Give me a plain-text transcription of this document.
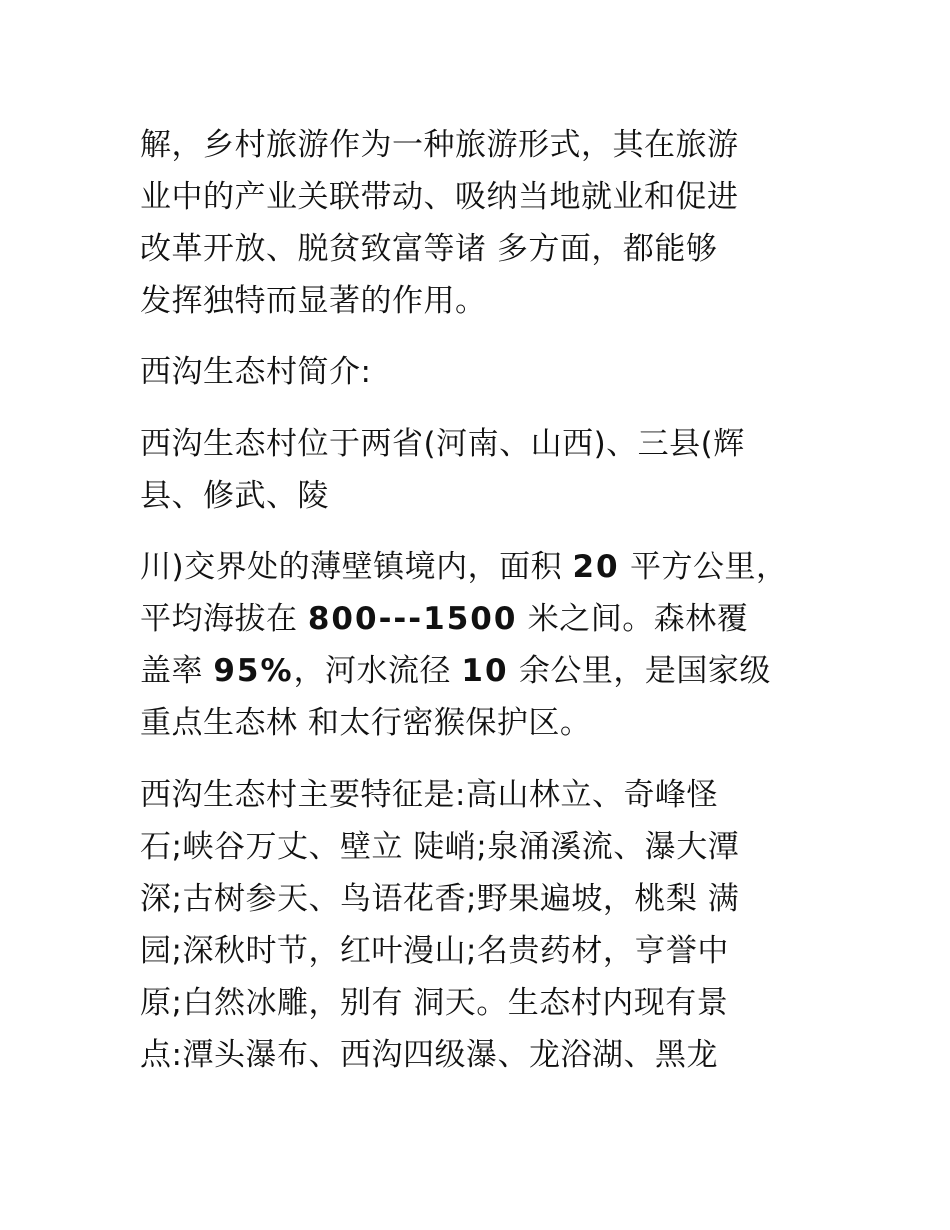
解，乡村旅游作为一种旅游形式，其在旅游
业中的产业关联带动、吸纳当地就业和促进
改革开放、脱贫致富等诸 多方面，都能够
发挥独特而显著的作用。
西沟生态村简介:
西沟生态村位于两省(河南、山西)、三县(辉
县、修武、陵
川)交界处的薄壁镇境内，面积 20 平方公里，
平均海拔在 800---1500 米之间。森林覆
盖率 95%，河水流径 10 余公里，是国家级
重点生态林 和太行密猴保护区。
西沟生态村主要特征是:高山林立、奇峰怪
石;峡谷万丈、壁立 陡峭;泉涌溪流、瀑大潭
深;古树参天、鸟语花香;野果遍坡，桃梨 满
园;深秋时节，红叶漫山;名贵药材，亨誉中
原;白然冰雕，别有 洞天。生态村内现有景
点:潭头瀑布、西沟四级瀑、龙浴湖、黑龙
